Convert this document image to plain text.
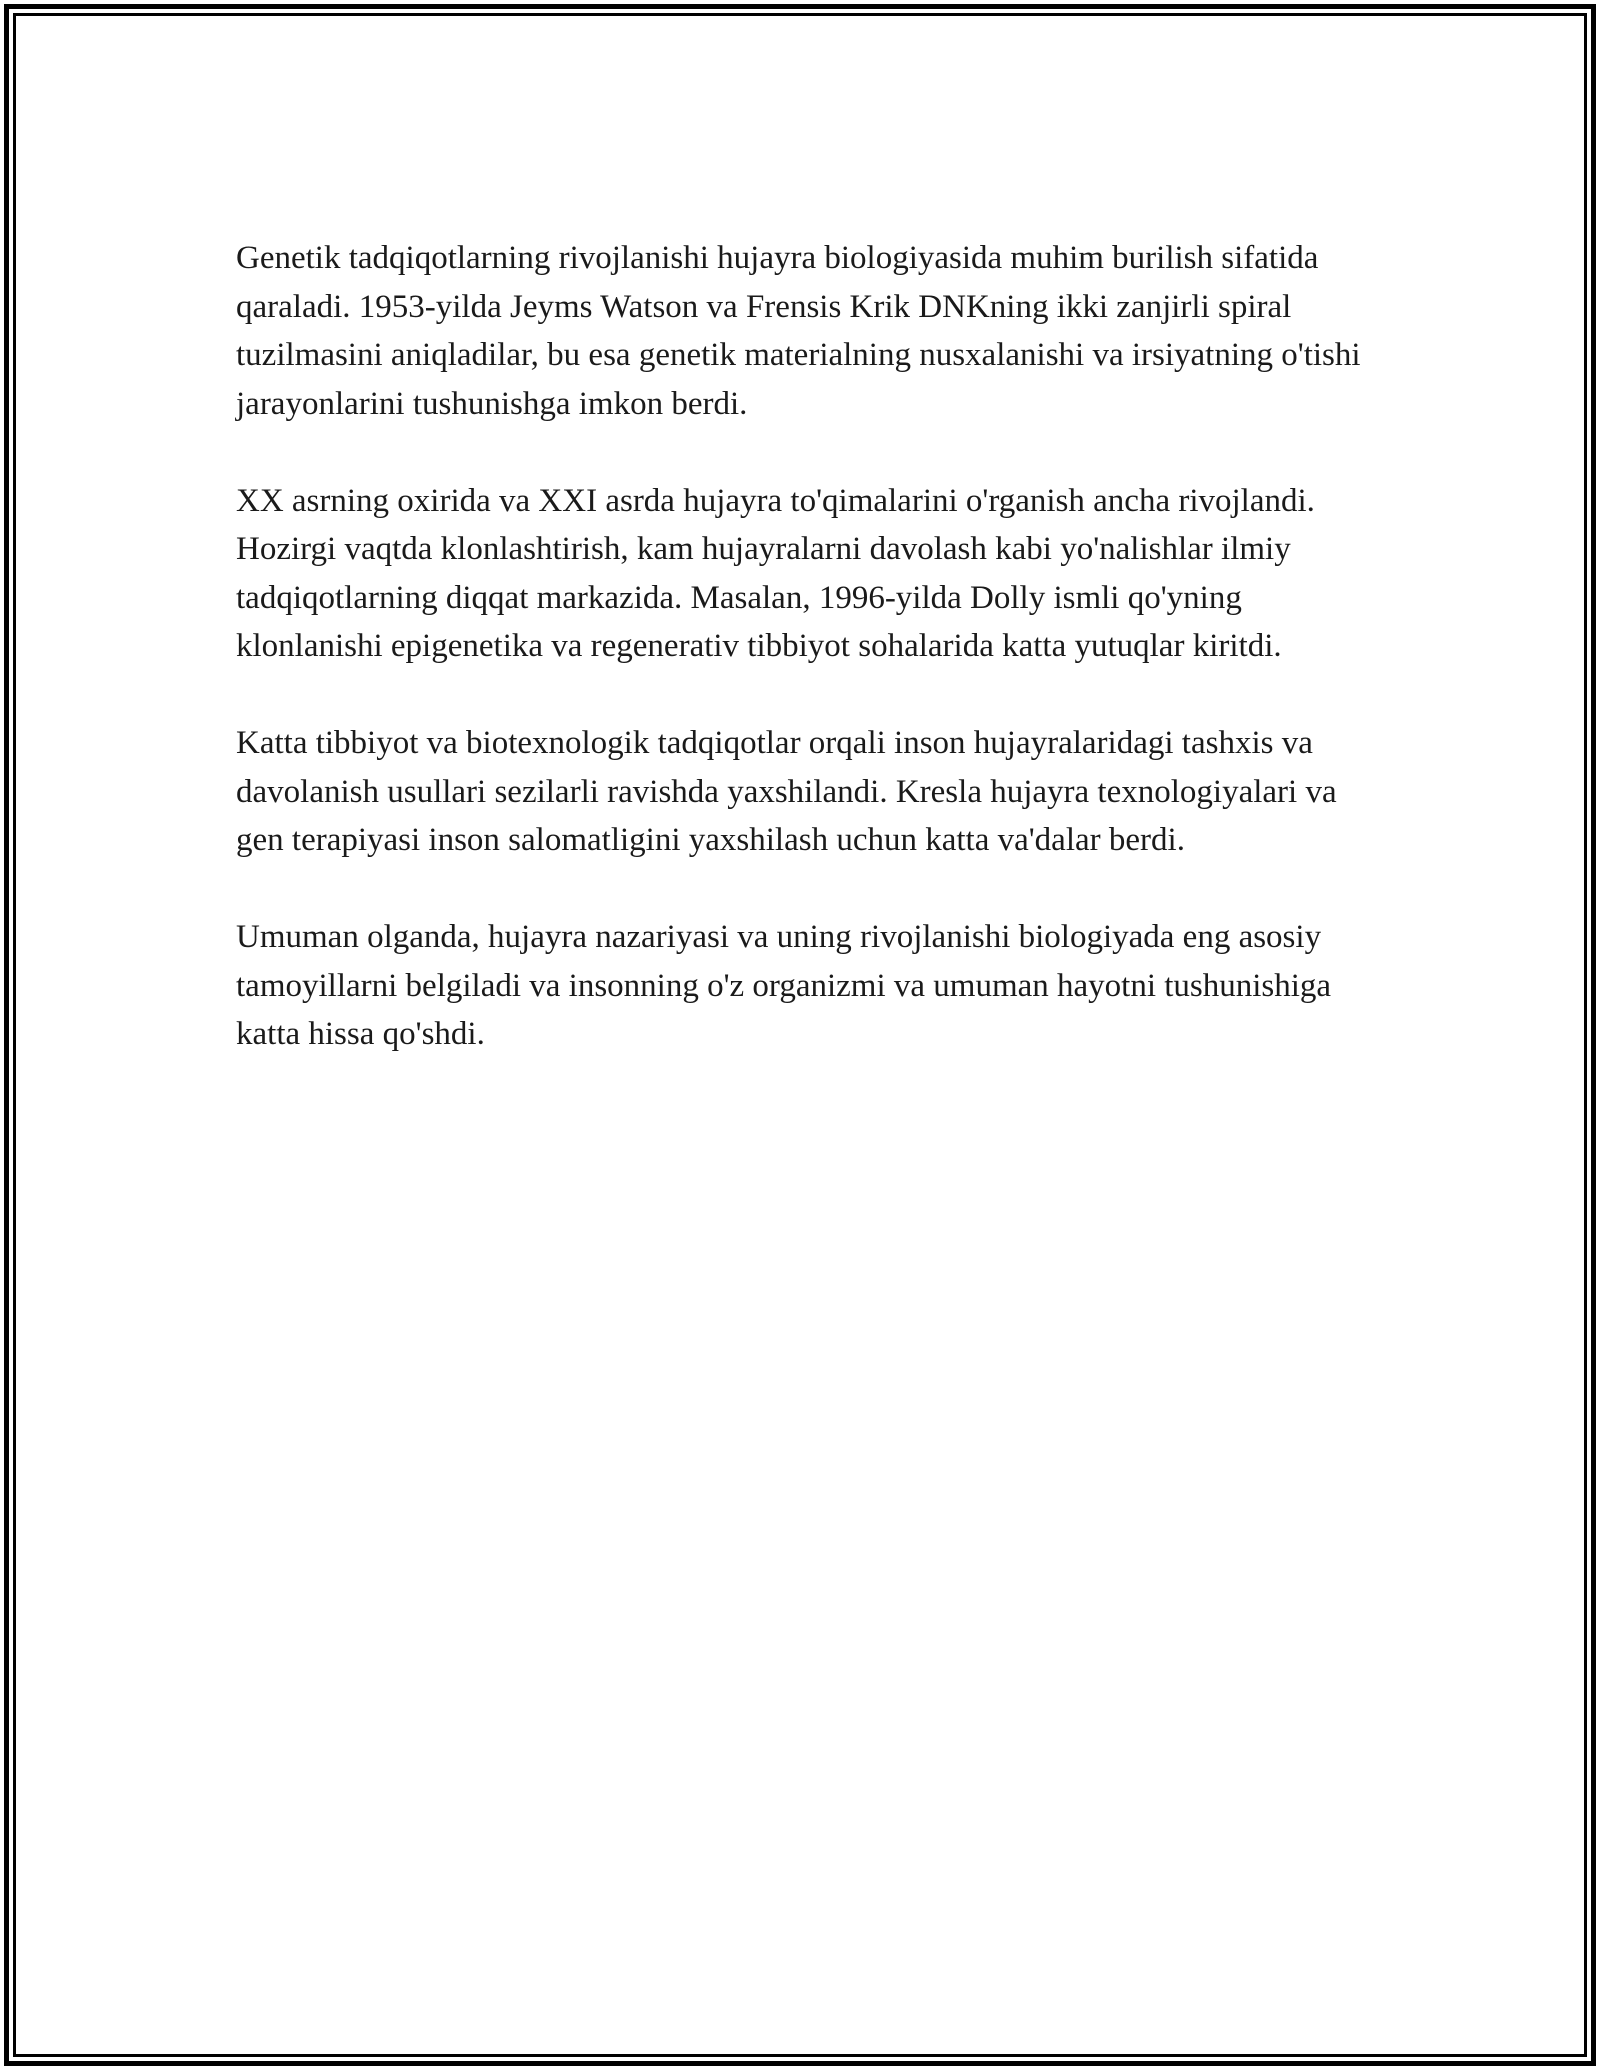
Genetik tadqiqotlarning rivojlanishi hujayra biologiyasida muhim burilish sifatida qaraladi. 1953-yilda Jeyms Watson va Frensis Krik DNKning ikki zanjirli spiral tuzilmasini aniqladilar, bu esa genetik materialning nusxalanishi va irsiyatning o'tishi jarayonlarini tushunishga imkon berdi.

XX asrning oxirida va XXI asrda hujayra to'qimalarini o'rganish ancha rivojlandi. Hozirgi vaqtda klonlashtirish, kam hujayralarni davolash kabi yo'nalishlar ilmiy tadqiqotlarning diqqat markazida. Masalan, 1996-yilda Dolly ismli qo'yning klonlanishi epigenetika va regenerativ tibbiyot sohalarida katta yutuqlar kiritdi.

Katta tibbiyot va biotexnologik tadqiqotlar orqali inson hujayralaridagi tashxis va davolanish usullari sezilarli ravishda yaxshilandi. Kresla hujayra texnologiyalari va gen terapiyasi inson salomatligini yaxshilash uchun katta va'dalar berdi.

Umuman olganda, hujayra nazariyasi va uning rivojlanishi biologiyada eng asosiy tamoyillarni belgiladi va insonning o'z organizmi va umuman hayotni tushunishiga katta hissa qo'shdi.
